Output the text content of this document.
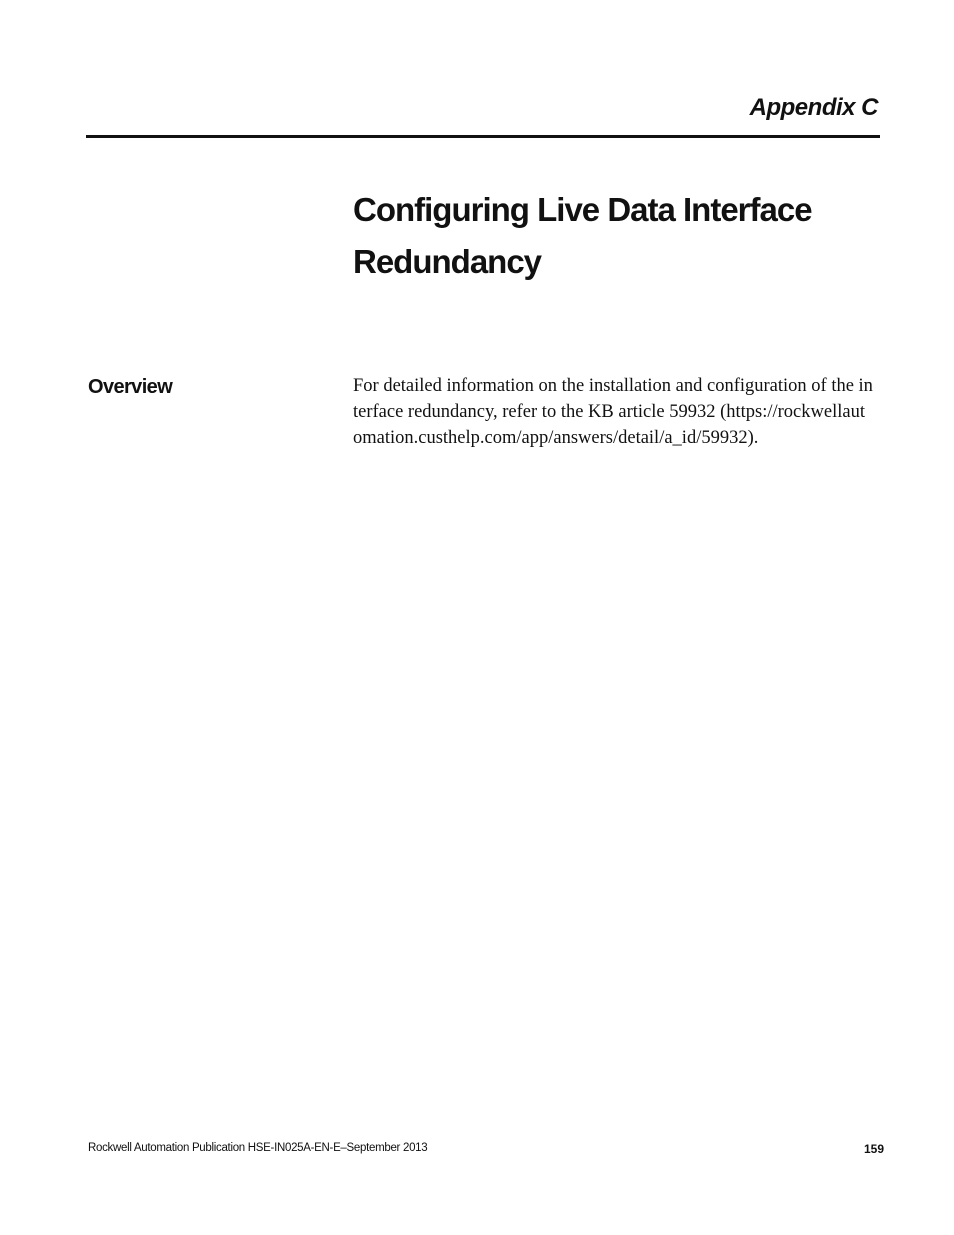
Appendix C
Configuring Live Data Interface Redundancy
Overview	For detailed information on the installation and configuration of the interface redundancy, refer to the KB article 59932 (https://rockwellautomation.custhelp.com/app/answers/detail/a_id/59932).

Rockwell Automation Publication HSE-IN025A-EN-E–September 2013	159
